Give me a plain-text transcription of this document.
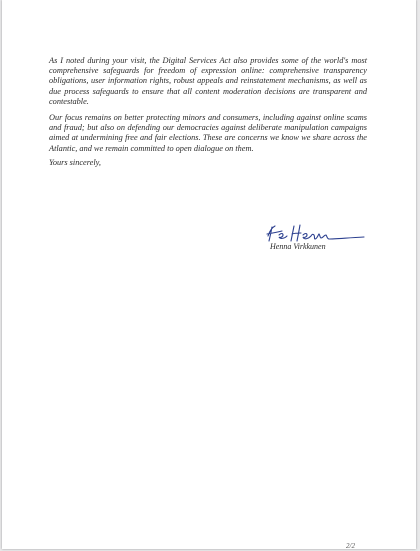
As I noted during your visit, the Digital Services Act also provides some of the world's most comprehensive safeguards for freedom of expression online: comprehensive transparency obligations, user information rights, robust appeals and reinstatement mechanisms, as well as due process safeguards to ensure that all content moderation decisions are transparent and contestable.

Our focus remains on better protecting minors and consumers, including against online scams and fraud; but also on defending our democracies against deliberate manipulation campaigns aimed at undermining free and fair elections. These are concerns we know we share across the Atlantic, and we remain committed to open dialogue on them.

Yours sincerely,
Henna Virkkunen
2/2
